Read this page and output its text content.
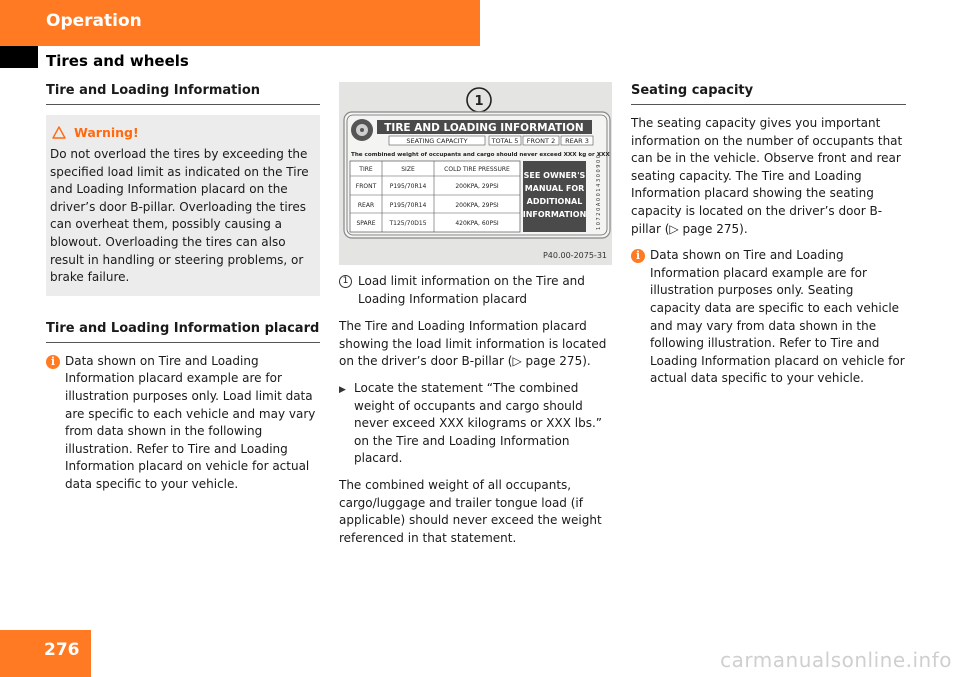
Operation
Tires and wheels
Tire and Loading Information
Warning!
Do not overload the tires by exceeding the specified load limit as indicated on the Tire and Loading Information placard on the driver’s door B-pillar. Overloading the tires can overheat them, possibly causing a blowout. Overloading the tires can also result in handling or steering problems, or brake failure.
Tire and Loading Information placard
i Data shown on Tire and Loading Information placard example are for illustration purposes only. Load limit data are specific to each vehicle and may vary from data shown in the following illustration. Refer to Tire and Loading Information placard on vehicle for actual data specific to your vehicle.
1
TIRE AND LOADING INFORMATION
SEATING CAPACITY	TOTAL 5 FRONT 2 REAR 3
The combined weight of occupants and cargo should never exceed XXX kg or XXX lbs.*
TIRE	SIZE	COLD TIRE PRESSURE
FRONT P195/70R14	200KPA, 29PSI
REAR	P195/70R14	200KPA, 29PSI
SPARE T125/70D15	420KPA, 60PSI
SEE OWNER'S
MANUAL FOR
ADDITIONAL
INFORMATION 1 0 7 2 0 A 0 0 1 4 3 0 0 9 0 0
P40.00-2075-31
1 Load limit information on the Tire and Loading Information placard
The Tire and Loading Information placard showing the load limit information is located on the driver’s door B-pillar (▷ page 275).
▶ Locate the statement “The combined weight of occupants and cargo should never exceed XXX kilograms or XXX lbs.” on the Tire and Loading Information placard.
The combined weight of all occupants, cargo/luggage and trailer tongue load (if applicable) should never exceed the weight referenced in that statement.
Seating capacity
The seating capacity gives you important information on the number of occupants that can be in the vehicle. Observe front and rear seating capacity. The Tire and Loading Information placard showing the seating capacity is located on the driver’s door B-pillar (▷ page 275).
i Data shown on Tire and Loading Information placard example are for illustration purposes only. Seating capacity data are specific to each vehicle and may vary from data shown in the following illustration. Refer to Tire and Loading Information placard on vehicle for actual data specific to your vehicle.
276	carmanualsonline.info
